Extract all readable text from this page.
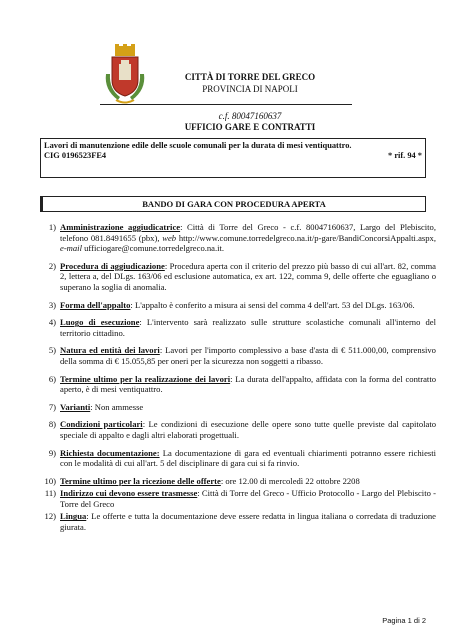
CITTÀ DI TORRE DEL GRECO
PROVINCIA DI NAPOLI
c.f. 80047160637
UFFICIO GARE E CONTRATTI
Lavori di manutenzione edile delle scuole comunali per la durata di mesi ventiquattro.
CIG 0196523FE4	* rif. 94 *
BANDO DI GARA CON PROCEDURA APERTA
1) Amministrazione aggiudicatrice: Città di Torre del Greco - c.f. 80047160637, Largo del Plebiscito, telefono 081.8491655 (pbx), web http://www.comune.torredelgreco.na.it/p-gare/BandiConcorsiAppalti.aspx, e-mail ufficiogare@comune.torredelgreco.na.it.
2) Procedura di aggiudicazione: Procedura aperta con il criterio del prezzo più basso di cui all'art. 82, comma 2, lettera a, del DLgs. 163/06 ed esclusione automatica, ex art. 122, comma 9, delle offerte che eguagliano o superano la soglia di anomalia.
3) Forma dell'appalto: L'appalto è conferito a misura ai sensi del comma 4 dell'art. 53 del DLgs. 163/06.
4) Luogo di esecuzione: L'intervento sarà realizzato sulle strutture scolastiche comunali all'interno del territorio cittadino.
5) Natura ed entità dei lavori: Lavori per l'importo complessivo a base d'asta di € 511.000,00, comprensivo della somma di € 15.055,85 per oneri per la sicurezza non soggetti a ribasso.
6) Termine ultimo per la realizzazione dei lavori: La durata dell'appalto, affidata con la forma del contratto aperto, è di mesi ventiquattro.
7) Varianti: Non ammesse
8) Condizioni particolari: Le condizioni di esecuzione delle opere sono tutte quelle previste dal capitolato speciale di appalto e dagli altri elaborati progettuali.
9) Richiesta documentazione: La documentazione di gara ed eventuali chiarimenti potranno essere richiesti con le modalità di cui all'art. 5 del disciplinare di gara cui si fa rinvio.
10) Termine ultimo per la ricezione delle offerte: ore 12.00 di mercoledì 22 ottobre 2208
11) Indirizzo cui devono essere trasmesse: Città di Torre del Greco - Ufficio Protocollo - Largo del Plebiscito - Torre del Greco
12) Lingua: Le offerte e tutta la documentazione deve essere redatta in lingua italiana o corredata di traduzione giurata.
Pagina 1 di 2
